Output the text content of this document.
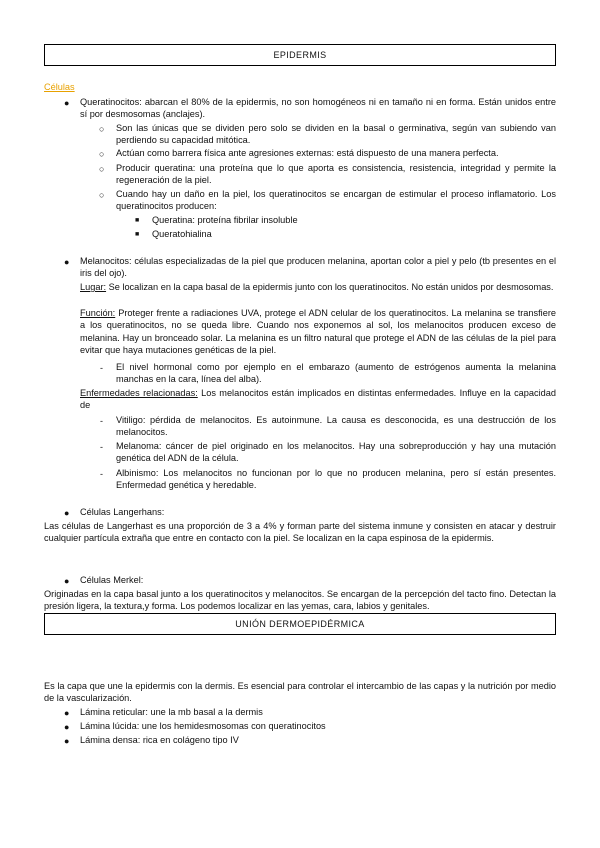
EPIDERMIS
Células
● Queratinocitos: abarcan el 80% de la epidermis, no son homogéneos ni en tamaño ni en forma. Están unidos entre sí por desmosomas (anclajes).
○ Son las únicas que se dividen pero solo se dividen en la basal o germinativa, según van subiendo van perdiendo su capacidad mitótica.
○ Actúan como barrera física ante agresiones externas: está dispuesto de una manera perfecta.
○ Producir queratina: una proteína que lo que aporta es consistencia, resistencia, integridad y permite la regeneración de la piel.
○ Cuando hay un daño en la piel, los queratinocitos se encargan de estimular el proceso inflamatorio. Los queratinocitos producen:
■ Queratina: proteína fibrilar insoluble
■ Queratohialina
● Melanocitos: células especializadas de la piel que producen melanina, aportan color a piel y pelo (tb presentes en el iris del ojo).
Lugar: Se localizan en la capa basal de la epidermis junto con los queratinocitos. No están unidos por desmosomas.
Función: Proteger frente a radiaciones UVA, protege el ADN celular de los queratinocitos. La melanina se transfiere a los queratinocitos, no se queda libre. Cuando nos exponemos al sol, los melanocitos producen exceso de melanina. Hay un bronceado solar. La melanina es un filtro natural que protege el ADN de las células de la piel para evitar que haya mutaciones genéticas de la piel.
- El nivel hormonal como por ejemplo en el embarazo (aumento de estrógenos aumenta la melanina manchas en la cara, línea del alba).
Enfermedades relacionadas: Los melanocitos están implicados en distintas enfermedades. Influye en la capacidad de
- Vitiligo: pérdida de melanocitos. Es autoinmune. La causa es desconocida, es una destrucción de los melanocitos.
- Melanoma: cáncer de piel originado en los melanocitos. Hay una sobreproducción y hay una mutación genética del ADN de la célula.
- Albinismo: Los melanocitos no funcionan por lo que no producen melanina, pero sí están presentes. Enfermedad genética y heredable.
● Células Langerhans:
Las células de Langerhast es una proporción de 3 a 4% y forman parte del sistema inmune y consisten en atacar y destruir cualquier partícula extraña que entre en contacto con la piel. Se localizan en la capa espinosa de la epidermis.
● Células Merkel:
Originadas en la capa basal junto a los queratinocitos y melanocitos. Se encargan de la percepción del tacto fino. Detectan la presión ligera, la textura,y forma. Los podemos localizar en las yemas, cara, labios y genitales.
UNIÓN DERMOEPIDÉRMICA
Es la capa que une la epidermis con la dermis. Es esencial para controlar el intercambio de las capas y la nutrición por medio de la vascularización.
● Lámina reticular: une la mb basal a la dermis
● Lámina lúcida: une los hemidesmosomas con queratinocitos
● Lámina densa: rica en colágeno tipo IV
